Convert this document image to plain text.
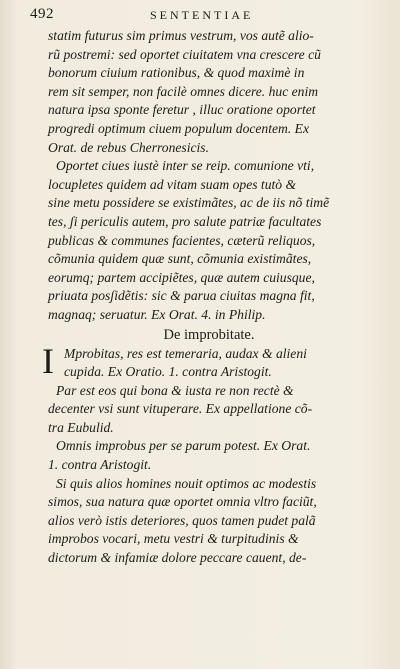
492	SENTENTIAE
statim futurus sim primus vestrum, vos autẽ alio-
rũ postremi: sed oportet ciuitatem vna crescere cũ
bonorum ciuium rationibus, & quod maximè in
rem sit semper, non facilè omnes dicere. huc enim
natura ipsa sponte feretur , illuc oratione oportet
progredi optimum ciuem populum docentem. Ex
Orat. de rebus Cherronesicis.
Oportet ciues iustè inter se reip. comunione vti,
locupletes quidem ad vitam suam opes tutò &
sine metu possidere se existimãtes, ac de iis nõ timẽ
tes, ʃi periculis autem, pro salute patriæ facultates
publicas & communes facientes, cæterũ reliquos,
cõmunia quidem quæ sunt, cõmunia existimãtes,
eorumq; partem accipiẽtes, quæ autem cuiusque,
priuata posʃidẽtis: sic & parua ciuitas magna fit,
magnaq; seruatur. Ex Orat. 4. in Philip.
De improbitate.
I Mprobitas, res est temeraria, audax & alieni
cupida. Ex Oratio. 1. contra Aristogit.
Par est eos qui bona & iusta re non rectè &
decenter vsi sunt vituperare. Ex appellatione cõ-
tra Eubulid.
Omnis improbus per se parum potest. Ex Orat.
1. contra Aristogit.
Si quis alios homines nouit optimos ac modestis
simos, sua natura quæ oportet omnia vltro faciũt,
alios verò istis deteriores, quos tamen pudet palã
improbos vocari, metu vestri & turpitudinis &
dictorum & infamiæ dolore peccare cauent, de-
